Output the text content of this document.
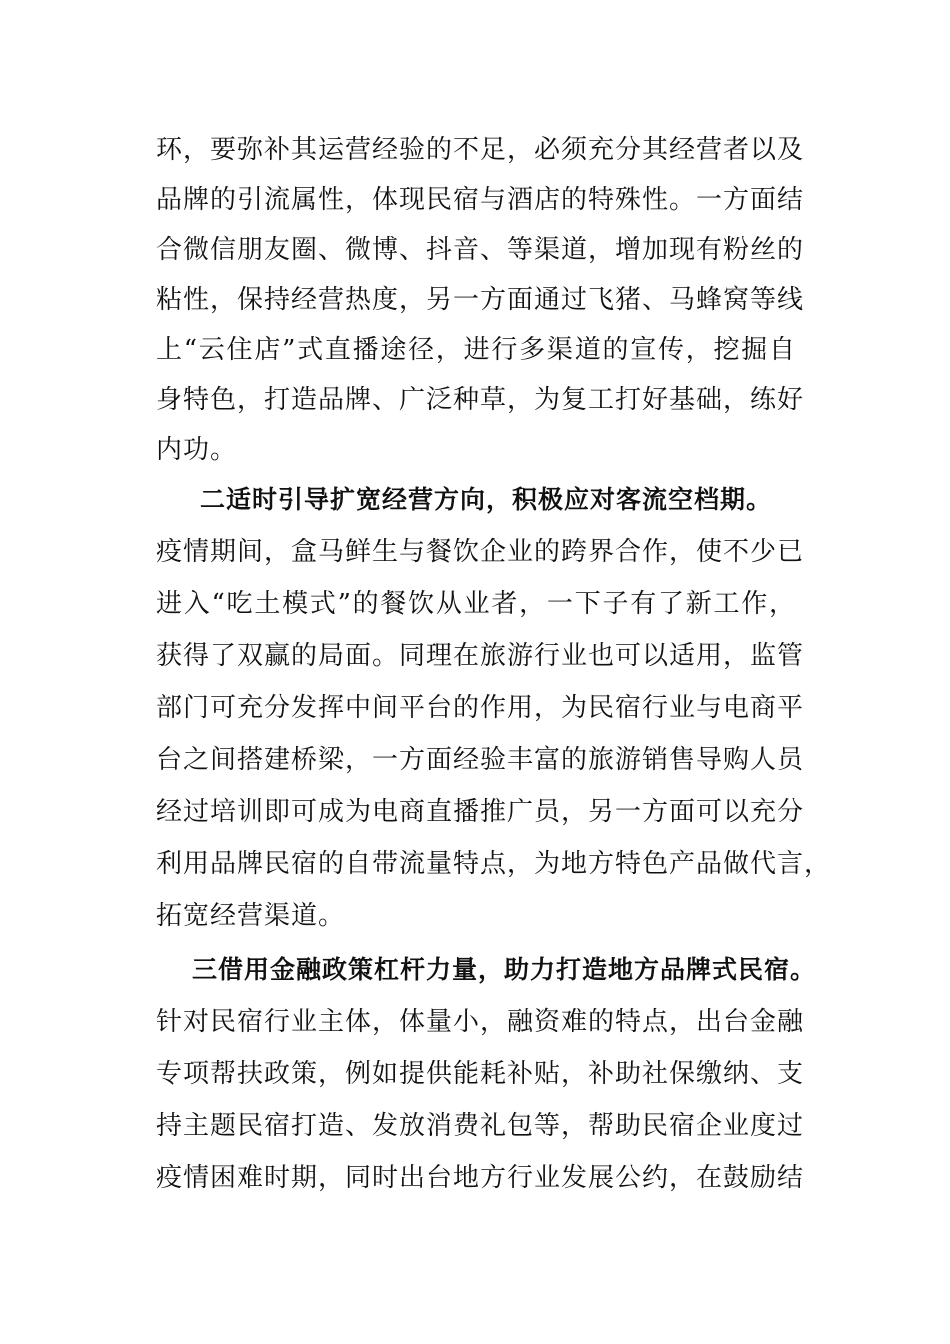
环，要弥补其运营经验的不足，必须充分其经营者以及
品牌的引流属性，体现民宿与酒店的特殊性。一方面结
合微信朋友圈、微博、抖音、等渠道，增加现有粉丝的
粘性，保持经营热度，另一方面通过飞猪、马蜂窝等线
上“云住店”式直播途径，进行多渠道的宣传，挖掘自
身特色，打造品牌、广泛种草，为复工打好基础，练好
内功。
二适时引导扩宽经营方向，积极应对客流空档期。
疫情期间，盒马鲜生与餐饮企业的跨界合作，使不少已
进入“吃土模式”的餐饮从业者，一下子有了新工作，
获得了双赢的局面。同理在旅游行业也可以适用，监管
部门可充分发挥中间平台的作用，为民宿行业与电商平
台之间搭建桥梁，一方面经验丰富的旅游销售导购人员
经过培训即可成为电商直播推广员，另一方面可以充分
利用品牌民宿的自带流量特点，为地方特色产品做代言，
拓宽经营渠道。
三借用金融政策杠杆力量，助力打造地方品牌式民宿。
针对民宿行业主体，体量小，融资难的特点，出台金融
专项帮扶政策，例如提供能耗补贴，补助社保缴纳、支
持主题民宿打造、发放消费礼包等，帮助民宿企业度过
疫情困难时期，同时出台地方行业发展公约，在鼓励结
